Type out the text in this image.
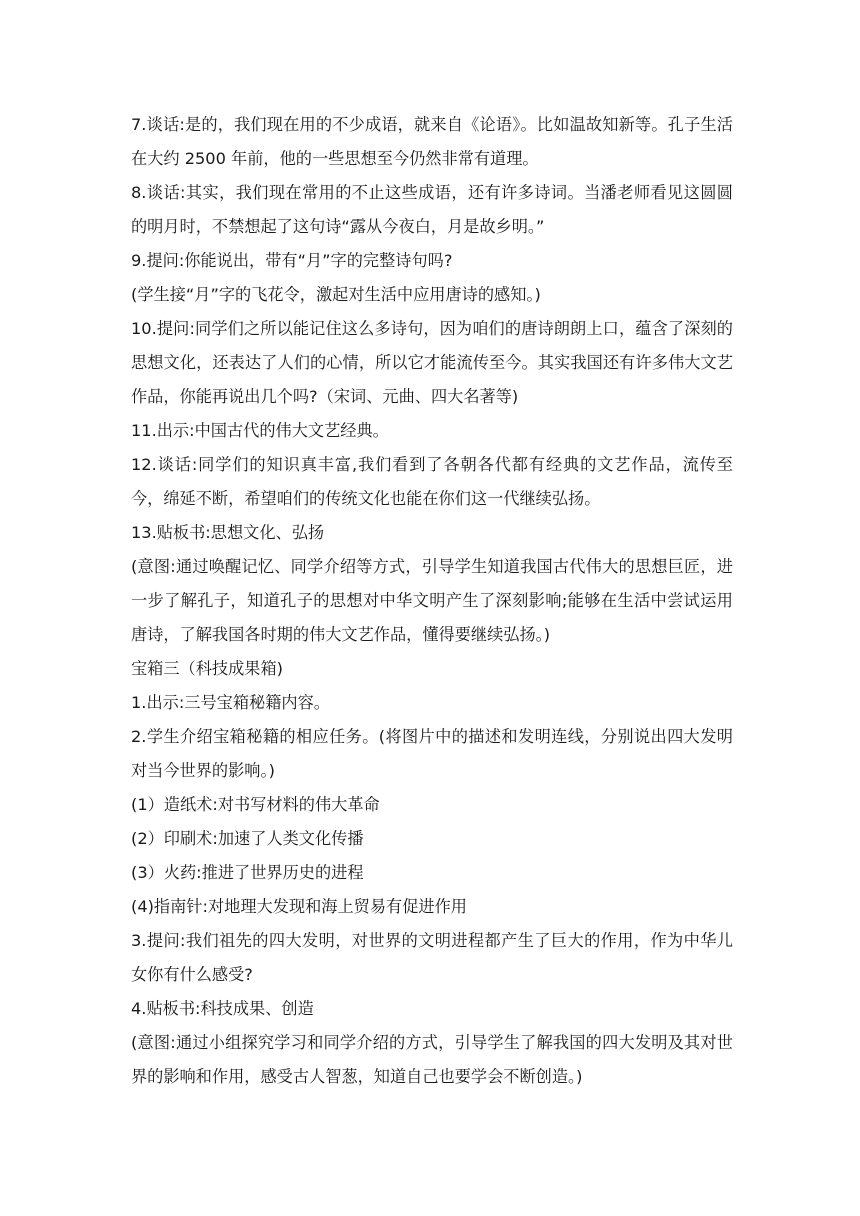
7.谈话:是的，我们现在用的不少成语，就来自《论语》。比如温故知新等。孔子生活在大约 2500 年前，他的一些思想至今仍然非常有道理。

8.谈话:其实，我们现在常用的不止这些成语，还有许多诗词。当潘老师看见这圆圆的明月时，不禁想起了这句诗“露从今夜白，月是故乡明。”

9.提问:你能说出，带有“月”字的完整诗句吗?

(学生接“月”字的飞花令，激起对生活中应用唐诗的感知。)

10.提问:同学们之所以能记住这么多诗句，因为咱们的唐诗朗朗上口，蕴含了深刻的思想文化，还表达了人们的心情，所以它才能流传至今。其实我国还有许多伟大文艺作品，你能再说出几个吗?（宋词、元曲、四大名著等)

11.出示:中国古代的伟大文艺经典。

12.谈话:同学们的知识真丰富,我们看到了各朝各代都有经典的文艺作品，流传至今，绵延不断，希望咱们的传统文化也能在你们这一代继续弘扬。

13.贴板书:思想文化、弘扬

(意图:通过唤醒记忆、同学介绍等方式，引导学生知道我国古代伟大的思想巨匠，进一步了解孔子，知道孔子的思想对中华文明产生了深刻影响;能够在生活中尝试运用唐诗，了解我国各时期的伟大文艺作品，懂得要继续弘扬。)

宝箱三（科技成果箱)

1.出示:三号宝箱秘籍内容。

2.学生介绍宝箱秘籍的相应任务。(将图片中的描述和发明连线，分别说出四大发明对当今世界的影响。)

(1）造纸术:对书写材料的伟大革命

(2）印刷术:加速了人类文化传播

(3）火药:推进了世界历史的进程

(4)指南针:对地理大发现和海上贸易有促进作用

3.提问:我们祖先的四大发明，对世界的文明进程都产生了巨大的作用，作为中华儿女你有什么感受?

4.贴板书:科技成果、创造

(意图:通过小组探究学习和同学介绍的方式，引导学生了解我国的四大发明及其对世界的影响和作用，感受古人智葱，知道自己也要学会不断创造。)
